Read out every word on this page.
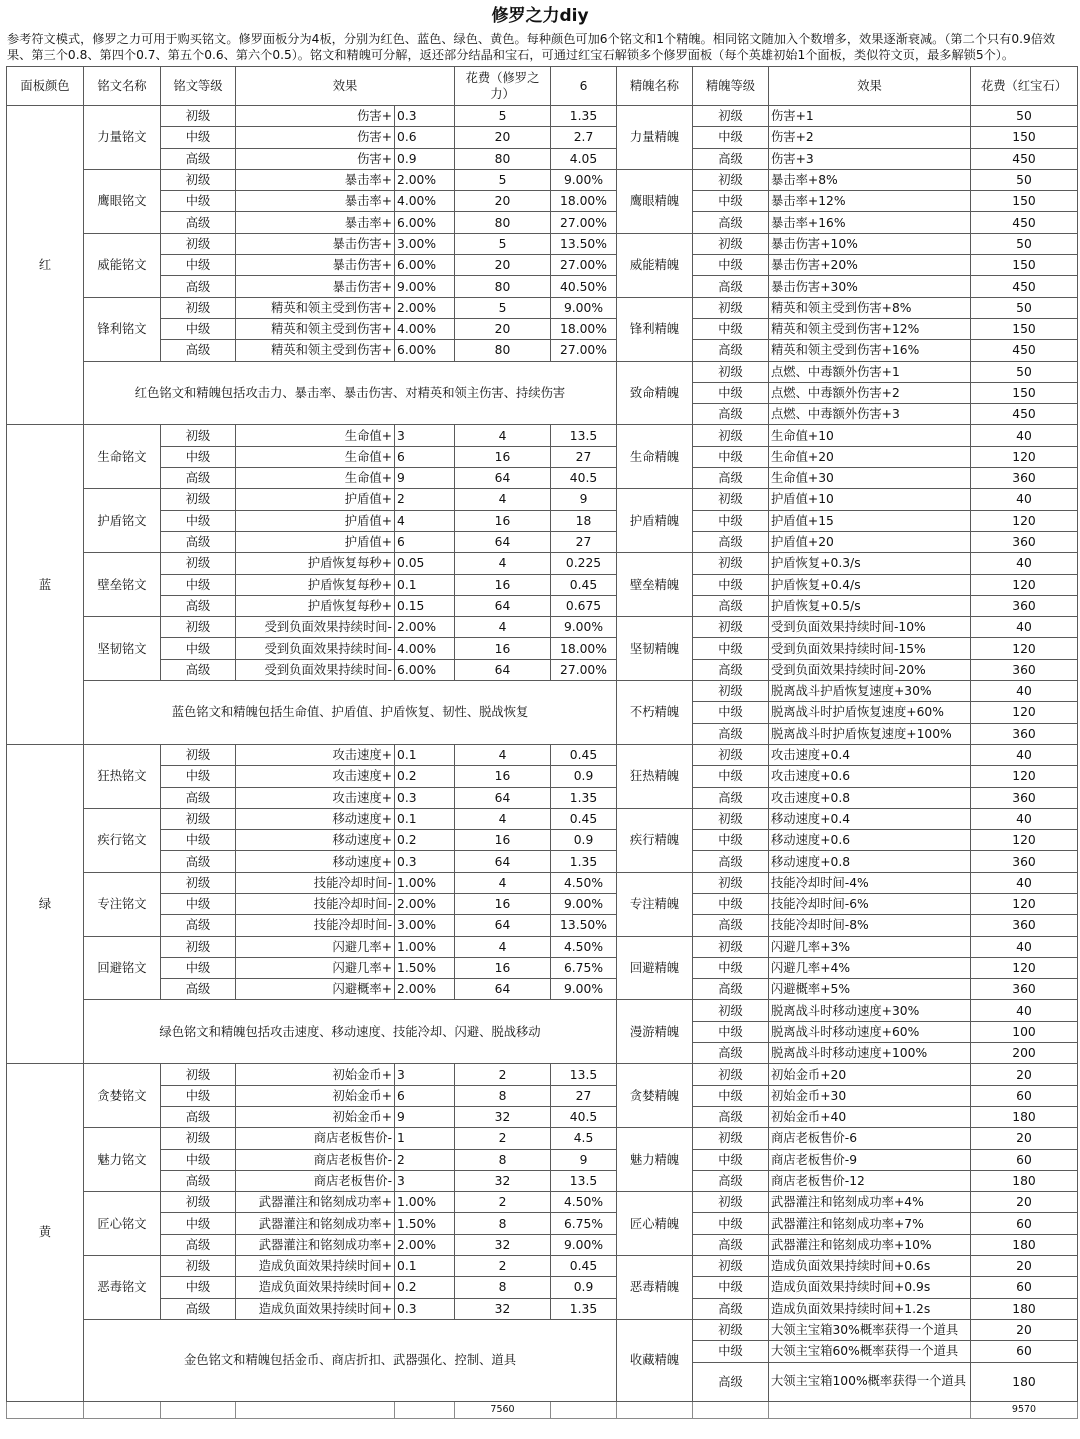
修罗之力diy
参考符文模式，修罗之力可用于购买铭文。修罗面板分为4板，分别为红色、蓝色、绿色、黄色。每种颜色可加6个铭文和1个精魄。相同铭文随加入个数增多，效果逐渐衰减。（第二个只有0.9倍效果、第三个0.8、第四个0.7、第五个0.6、第六个0.5）。铭文和精魄可分解，返还部分结晶和宝石，可通过红宝石解锁多个修罗面板（每个英雄初始1个面板，类似符文页，最多解锁5个）。
面板颜色	铭文名称	铭文等级	效果		花费（修罗之力）	6	精魄名称	精魄等级	效果	花费（红宝石）
红	力量铭文	初级	伤害+	0.3	5	1.35	力量精魄	初级	伤害+1	50
		中级	伤害+	0.6	20	2.7		中级	伤害+2	150
		高级	伤害+	0.9	80	4.05		高级	伤害+3	450
	鹰眼铭文	初级	暴击率+	2.00%	5	9.00%	鹰眼精魄	初级	暴击率+8%	50
		中级	暴击率+	4.00%	20	18.00%		中级	暴击率+12%	150
		高级	暴击率+	6.00%	80	27.00%		高级	暴击率+16%	450
	威能铭文	初级	暴击伤害+	3.00%	5	13.50%	威能精魄	初级	暴击伤害+10%	50
		中级	暴击伤害+	6.00%	20	27.00%		中级	暴击伤害+20%	150
		高级	暴击伤害+	9.00%	80	40.50%		高级	暴击伤害+30%	450
	锋利铭文	初级	精英和领主受到伤害+	2.00%	5	9.00%	锋利精魄	初级	精英和领主受到伤害+8%	50
		中级	精英和领主受到伤害+	4.00%	20	18.00%		中级	精英和领主受到伤害+12%	150
		高级	精英和领主受到伤害+	6.00%	80	27.00%		高级	精英和领主受到伤害+16%	450
	红色铭文和精魄包括攻击力、暴击率、暴击伤害、对精英和领主伤害、持续伤害						致命精魄	初级	点燃、中毒额外伤害+1	50
								中级	点燃、中毒额外伤害+2	150
								高级	点燃、中毒额外伤害+3	450
蓝	生命铭文	初级	生命值+	3	4	13.5	生命精魄	初级	生命值+10	40
		中级	生命值+	6	16	27		中级	生命值+20	120
		高级	生命值+	9	64	40.5		高级	生命值+30	360
	护盾铭文	初级	护盾值+	2	4	9	护盾精魄	初级	护盾值+10	40
		中级	护盾值+	4	16	18		中级	护盾值+15	120
		高级	护盾值+	6	64	27		高级	护盾值+20	360
	壁垒铭文	初级	护盾恢复每秒+	0.05	4	0.225	壁垒精魄	初级	护盾恢复+0.3/s	40
		中级	护盾恢复每秒+	0.1	16	0.45		中级	护盾恢复+0.4/s	120
		高级	护盾恢复每秒+	0.15	64	0.675		高级	护盾恢复+0.5/s	360
	坚韧铭文	初级	受到负面效果持续时间-	2.00%	4	9.00%	坚韧精魄	初级	受到负面效果持续时间-10%	40
		中级	受到负面效果持续时间-	4.00%	16	18.00%		中级	受到负面效果持续时间-15%	120
		高级	受到负面效果持续时间-	6.00%	64	27.00%		高级	受到负面效果持续时间-20%	360
	蓝色铭文和精魄包括生命值、护盾值、护盾恢复、韧性、脱战恢复						不朽精魄	初级	脱离战斗护盾恢复速度+30%	40
								中级	脱离战斗时护盾恢复速度+60%	120
								高级	脱离战斗时护盾恢复速度+100%	360
绿	狂热铭文	初级	攻击速度+	0.1	4	0.45	狂热精魄	初级	攻击速度+0.4	40
		中级	攻击速度+	0.2	16	0.9		中级	攻击速度+0.6	120
		高级	攻击速度+	0.3	64	1.35		高级	攻击速度+0.8	360
	疾行铭文	初级	移动速度+	0.1	4	0.45	疾行精魄	初级	移动速度+0.4	40
		中级	移动速度+	0.2	16	0.9		中级	移动速度+0.6	120
		高级	移动速度+	0.3	64	1.35		高级	移动速度+0.8	360
	专注铭文	初级	技能冷却时间-	1.00%	4	4.50%	专注精魄	初级	技能冷却时间-4%	40
		中级	技能冷却时间-	2.00%	16	9.00%		中级	技能冷却时间-6%	120
		高级	技能冷却时间-	3.00%	64	13.50%		高级	技能冷却时间-8%	360
	回避铭文	初级	闪避几率+	1.00%	4	4.50%	回避精魄	初级	闪避几率+3%	40
		中级	闪避几率+	1.50%	16	6.75%		中级	闪避几率+4%	120
		高级	闪避概率+	2.00%	64	9.00%		高级	闪避概率+5%	360
	绿色铭文和精魄包括攻击速度、移动速度、技能冷却、闪避、脱战移动						漫游精魄	初级	脱离战斗时移动速度+30%	40
								中级	脱离战斗时移动速度+60%	100
								高级	脱离战斗时移动速度+100%	200
黄	贪婪铭文	初级	初始金币+	3	2	13.5	贪婪精魄	初级	初始金币+20	20
		中级	初始金币+	6	8	27		中级	初始金币+30	60
		高级	初始金币+	9	32	40.5		高级	初始金币+40	180
	魅力铭文	初级	商店老板售价-	1	2	4.5	魅力精魄	初级	商店老板售价-6	20
		中级	商店老板售价-	2	8	9		中级	商店老板售价-9	60
		高级	商店老板售价-	3	32	13.5		高级	商店老板售价-12	180
	匠心铭文	初级	武器灌注和铭刻成功率+	1.00%	2	4.50%	匠心精魄	初级	武器灌注和铭刻成功率+4%	20
		中级	武器灌注和铭刻成功率+	1.50%	8	6.75%		中级	武器灌注和铭刻成功率+7%	60
		高级	武器灌注和铭刻成功率+	2.00%	32	9.00%		高级	武器灌注和铭刻成功率+10%	180
	恶毒铭文	初级	造成负面效果持续时间+	0.1	2	0.45	恶毒精魄	初级	造成负面效果持续时间+0.6s	20
		中级	造成负面效果持续时间+	0.2	8	0.9		中级	造成负面效果持续时间+0.9s	60
		高级	造成负面效果持续时间+	0.3	32	1.35		高级	造成负面效果持续时间+1.2s	180
	金色铭文和精魄包括金币、商店折扣、武器强化、控制、道具						收藏精魄	初级	大领主宝箱30%概率获得一个道具	20
								中级	大领主宝箱60%概率获得一个道具	60
								高级	大领主宝箱100%概率获得一个道具	180
					7560					9570
